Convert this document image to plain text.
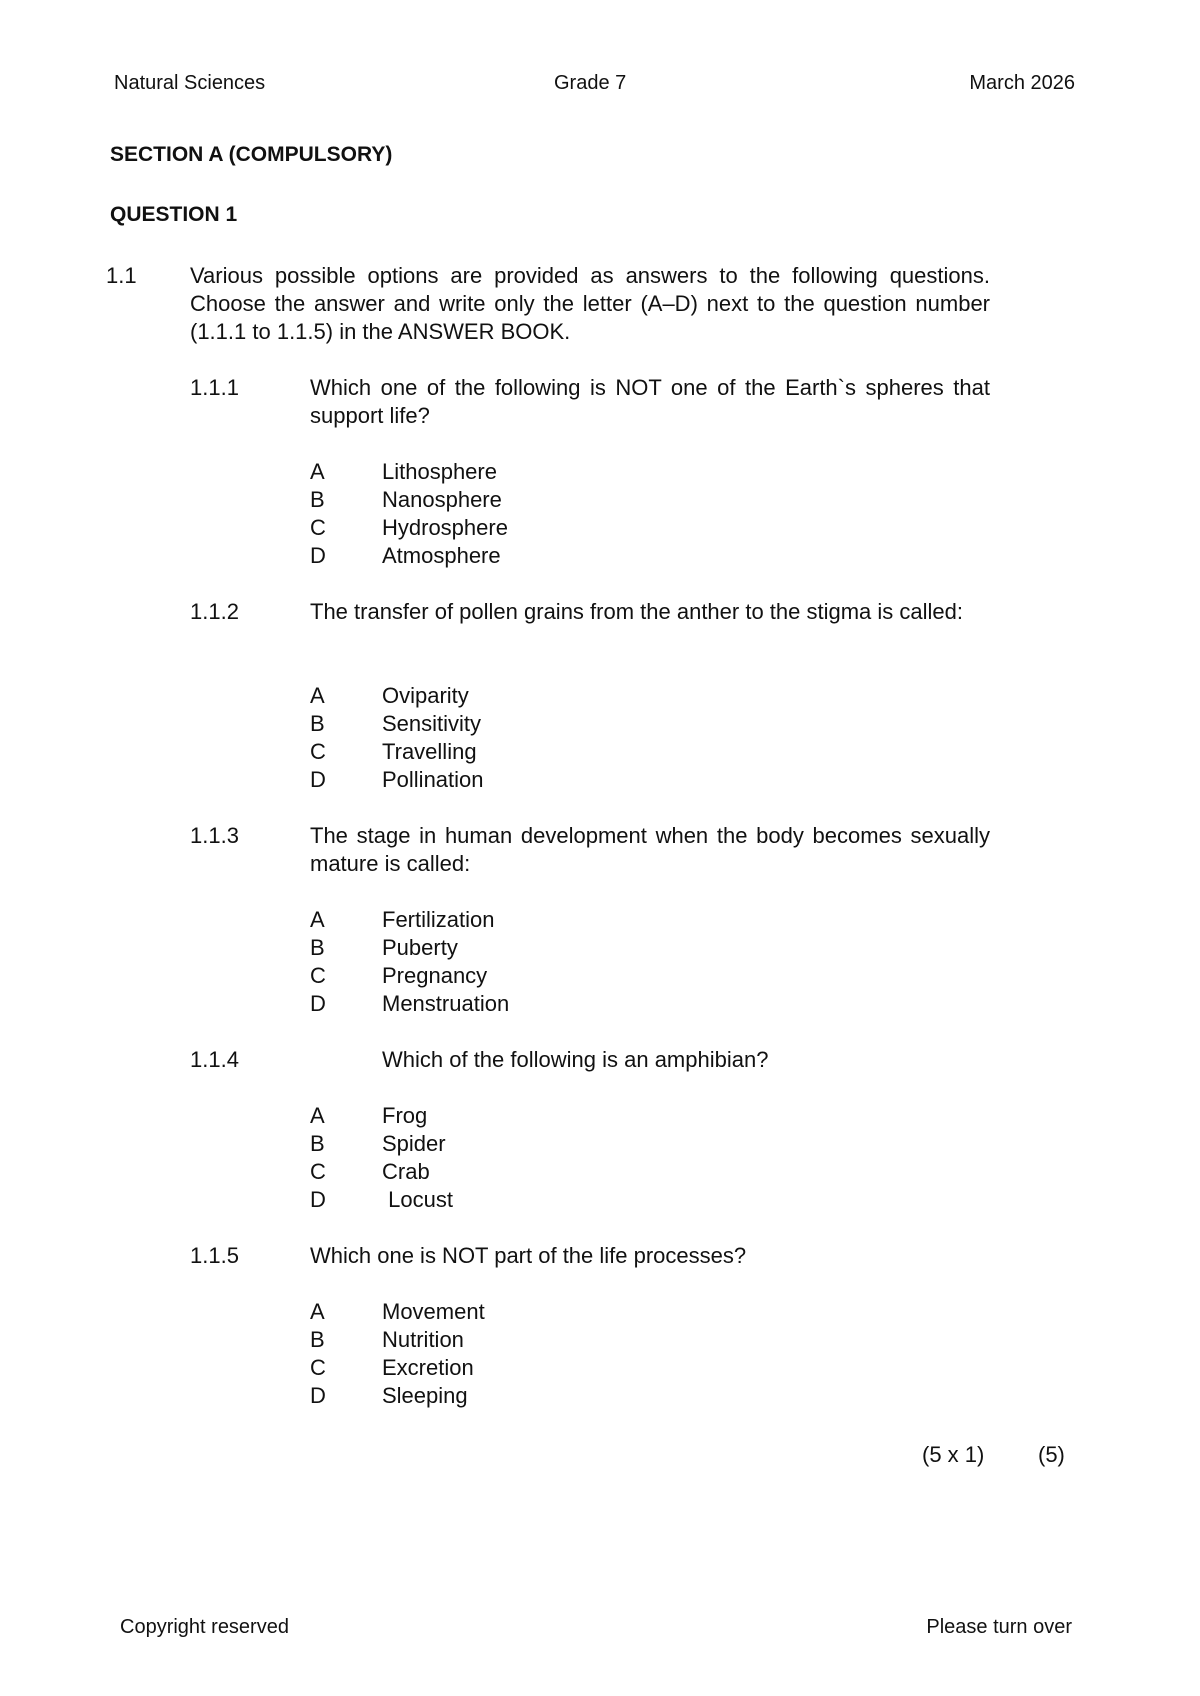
Natural Sciences	Grade 7	March 2026
SECTION A (COMPULSORY)
QUESTION 1
1.1 Various possible options are provided as answers to the following questions. Choose the answer and write only the letter (A–D) next to the question number (1.1.1 to 1.1.5) in the ANSWER BOOK.
1.1.1	Which one of the following is NOT one of the Earth`s spheres that support life?
A	Lithosphere
B	Nanosphere
C	Hydrosphere
D	Atmosphere
1.1.2	The transfer of pollen grains from the anther to the stigma is called:
A	Oviparity
B	Sensitivity
C	Travelling
D	Pollination
1.1.3	The stage in human development when the body becomes sexually mature is called:
A	Fertilization
B	Puberty
C	Pregnancy
D	Menstruation
1.1.4	Which of the following is an amphibian?
A	Frog
B	Spider
C	Crab
D	Locust
1.1.5	Which one is NOT part of the life processes?
A	Movement
B	Nutrition
C	Excretion
D	Sleeping
(5 x 1) (5)
Copyright reserved	Please turn over
